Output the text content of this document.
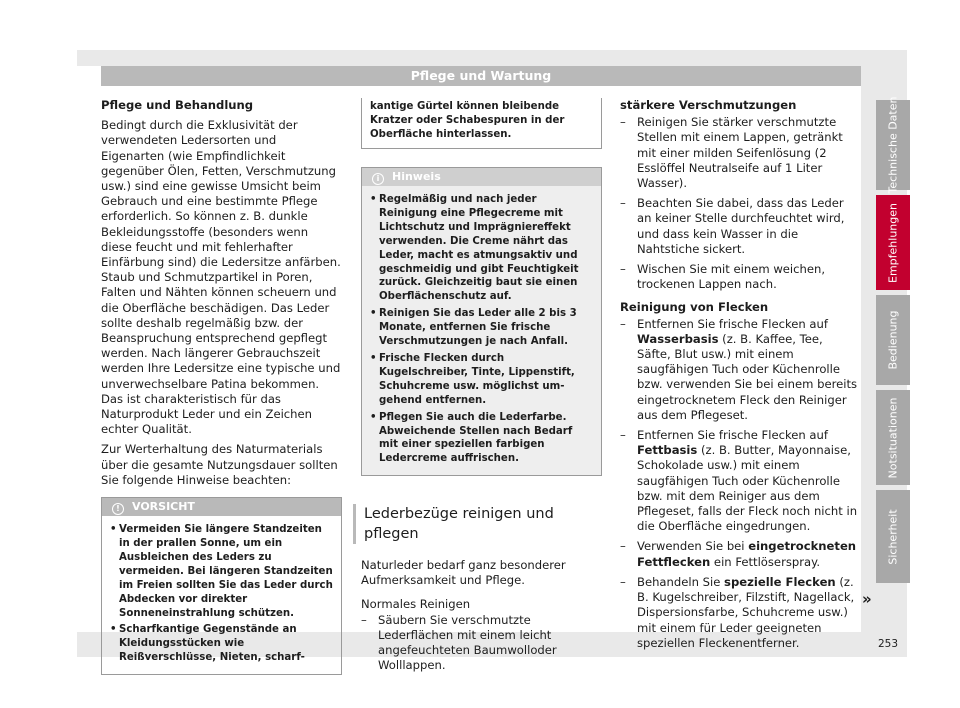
Pflege und Wartung

Pflege und Behandlung

Bedingt durch die Exklusivität der verwendeten Ledersorten und Eigenarten (wie Empfindlichkeit gegenüber Ölen, Fetten, Verschmutzung usw.) sind eine gewisse Umsicht beim Gebrauch und eine bestimmte Pflege erforderlich. So können z. B. dunkle Bekleidungsstoffe (besonders wenn diese feucht und mit fehlerhafter Einfärbung sind) die Ledersitze anfärben. Staub und Schmutzpartikel in Poren, Falten und Nähten können scheuern und die Oberfläche beschädigen. Das Leder sollte deshalb regelmäßig bzw. der Beanspruchung entsprechend gepflegt werden. Nach längerer Gebrauchszeit werden Ihre Ledersitze eine typische und unverwechselbare Patina bekommen. Das ist charakteristisch für das Naturprodukt Leder und ein Zeichen echter Qualität.

Zur Werterhaltung des Naturmaterials über die gesamte Nutzungsdauer sollten Sie folgende Hinweise beachten:

! VORSICHT
• Vermeiden Sie längere Standzeiten in der prallen Sonne, um ein Ausbleichen des Leders zu vermeiden. Bei längeren Standzeiten im Freien sollten Sie das Leder durch Abdecken vor direkter Sonneneinstrahlung schützen.
• Scharfkantige Gegenstände an Kleidungsstücken wie Reißverschlüsse, Nieten, scharf-
kantige Gürtel können bleibende Kratzer oder Schabespuren in der Oberfläche hinterlassen.
i Hinweis
• Regelmäßig und nach jeder Reinigung eine Pflegecreme mit Lichtschutz und Imprägniereffekt verwenden. Die Creme nährt das Leder, macht es atmungsaktiv und geschmeidig und gibt Feuchtigkeit zurück. Gleichzeitig baut sie einen Oberflächenschutz auf.
• Reinigen Sie das Leder alle 2 bis 3 Monate, entfernen Sie frische Verschmutzungen je nach Anfall.
• Frische Flecken durch Kugelschreiber, Tinte, Lippenstift, Schuhcreme usw. möglichst umgehend entfernen.
• Pflegen Sie auch die Lederfarbe. Abweichende Stellen nach Bedarf mit einer speziellen farbigen Ledercreme auffrischen.
Lederbezüge reinigen und pflegen

Naturleder bedarf ganz besonderer Aufmerksamkeit und Pflege.

Normales Reinigen

– Säubern Sie verschmutzte Lederflächen mit einem leicht angefeuchteten Baumwolloder Wolllappen.

stärkere Verschmutzungen

– Reinigen Sie stärker verschmutzte Stellen mit einem Lappen, getränkt mit einer milden Seifenlösung (2 Esslöffel Neutralseife auf 1 Liter Wasser).
– Beachten Sie dabei, dass das Leder an keiner Stelle durchfeuchtet wird, und dass kein Wasser in die Nahtstiche sickert.
– Wischen Sie mit einem weichen, trockenen Lappen nach.

Reinigung von Flecken

– Entfernen Sie frische Flecken auf Wasserbasis (z. B. Kaffee, Tee, Säfte, Blut usw.) mit einem saugfähigen Tuch oder Küchenrolle bzw. verwenden Sie bei einem bereits eingetrocknetem Fleck den Reiniger aus dem Pflegeset.
– Entfernen Sie frische Flecken auf Fettbasis (z. B. Butter, Mayonnaise, Schokolade usw.) mit einem saugfähigen Tuch oder Küchenrolle bzw. mit dem Reiniger aus dem Pflegeset, falls der Fleck noch nicht in die Oberfläche eingedrungen.
– Verwenden Sie bei eingetrockneten Fettflecken ein Fettlöserspray.
– Behandeln Sie spezielle Flecken (z. B. Kugelschreiber, Filzstift, Nagellack, Dispersionsfarbe, Schuhcreme usw.) mit einem für Leder geeigneten speziellen Fleckenentferner.
Technische Daten
Empfehlungen
Bedienung
Notsituationen
Sicherheit
»
253
